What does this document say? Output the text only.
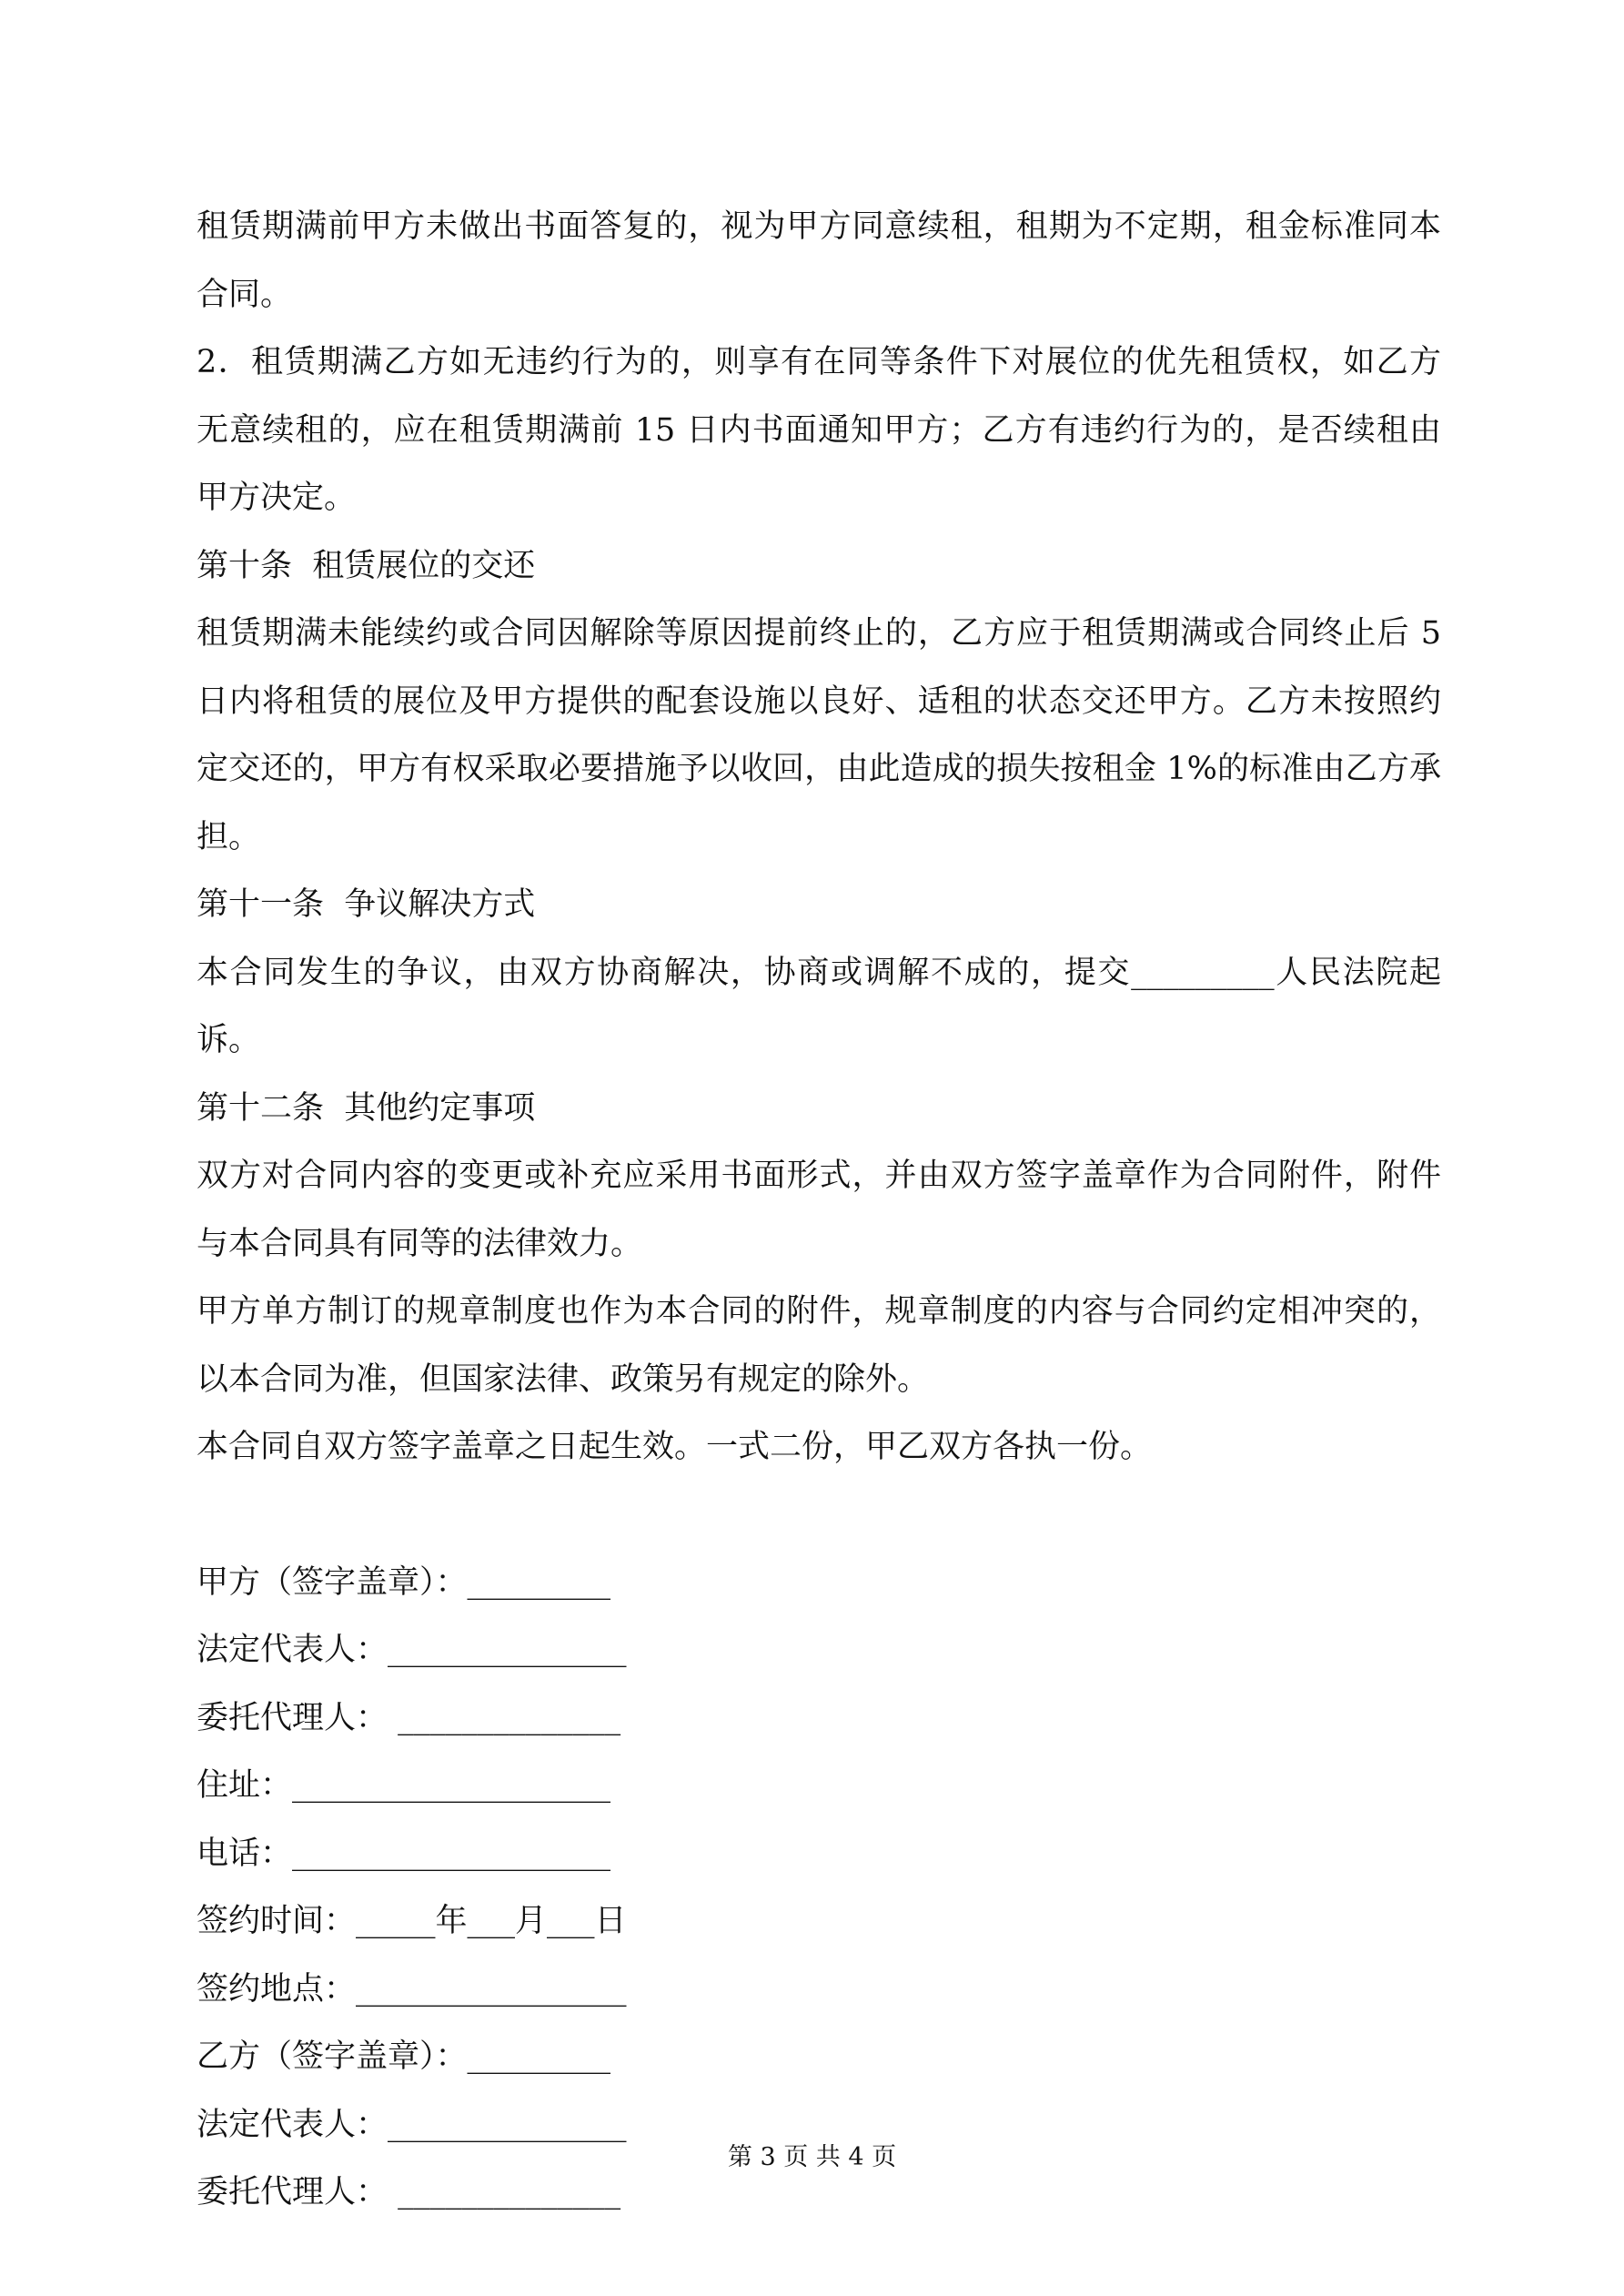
租赁期满前甲方未做出书面答复的，视为甲方同意续租，租期为不定期，租金标准同本
合同。
2．租赁期满乙方如无违约行为的，则享有在同等条件下对展位的优先租赁权，如乙方
无意续租的，应在租赁期满前 15 日内书面通知甲方；乙方有违约行为的，是否续租由
甲方决定。
第十条  租赁展位的交还
租赁期满未能续约或合同因解除等原因提前终止的，乙方应于租赁期满或合同终止后 5
日内将租赁的展位及甲方提供的配套设施以良好、适租的状态交还甲方。乙方未按照约
定交还的，甲方有权采取必要措施予以收回，由此造成的损失按租金 1%的标准由乙方承
担。
第十一条  争议解决方式
本合同发生的争议，由双方协商解决，协商或调解不成的，提交_________人民法院起
诉。
第十二条  其他约定事项
双方对合同内容的变更或补充应采用书面形式，并由双方签字盖章作为合同附件，附件
与本合同具有同等的法律效力。
甲方单方制订的规章制度也作为本合同的附件，规章制度的内容与合同约定相冲突的，
以本合同为准，但国家法律、政策另有规定的除外。
本合同自双方签字盖章之日起生效。一式二份，甲乙双方各执一份。
甲方（签字盖章）：_________
法定代表人：_______________
委托代理人： ______________
住址：____________________
电话：____________________
签约时间：_____年___月___日
签约地点：_________________
乙方（签字盖章）：_________
法定代表人：_______________
委托代理人： ______________
第 3 页 共 4 页
